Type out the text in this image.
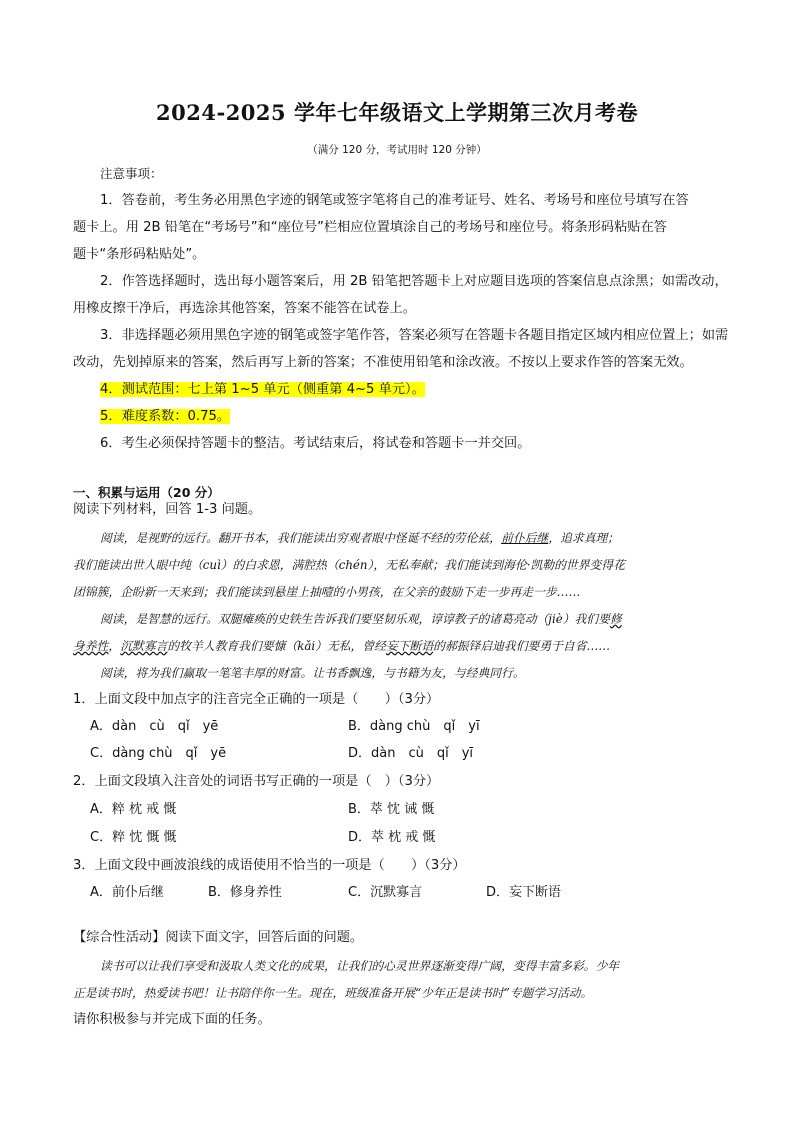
2024-2025 学年七年级语文上学期第三次月考卷
（满分 120 分，考试用时 120 分钟）
注意事项：
1．答卷前，考生务必用黑色字迹的钢笔或签字笔将自己的准考证号、姓名、考场号和座位号填写在答
题卡上。用 2B 铅笔在“考场号”和“座位号”栏相应位置填涂自己的考场号和座位号。将条形码粘贴在答
题卡“条形码粘贴处”。
2．作答选择题时，选出每小题答案后，用 2B 铅笔把答题卡上对应题目选项的答案信息点涂黑；如需改动，
用橡皮擦干净后，再选涂其他答案，答案不能答在试卷上。
3．非选择题必须用黑色字迹的钢笔或签字笔作答，答案必须写在答题卡各题目指定区域内相应位置上；如需
改动，先划掉原来的答案，然后再写上新的答案；不准使用铅笔和涂改液。不按以上要求作答的答案无效。
4．测试范围：七上第 1~5 单元（侧重第 4~5 单元）。
5．难度系数：0.75。
6．考生必须保持答题卡的整洁。考试结束后，将试卷和答题卡一并交回。
一、积累与运用（20 分）
阅读下列材料，回答 1-3 问题。
阅读，是视野的远行。翻开书本，我们能读出穷观者眼中怪诞不经的劳伦兹，前仆后继，追求真理；
我们能读出世人眼中纯（cuì）的白求恩，满腔热（chén），无私奉献；我们能读到海伦·凯勒的世界变得花
团锦簇，企盼新一天来到；我们能读到悬崖上抽噎的小男孩，在父亲的鼓励下走一步再走一步……
阅读，是智慧的远行。双腿瘫痪的史铁生告诉我们要坚韧乐观，谆谆教子的诸葛亮动（jiè）我们要修
身养性，沉默寡言的牧羊人教育我们要慷（kǎi）无私，曾经妄下断语的郝振铎启迪我们要勇于自省……
阅读，将为我们赢取一笔笔丰厚的财富。让书香飘逸，与书籍为友，与经典同行。
1．上面文段中加点字的注音完全正确的一项是（　　）（3分）
A．dàn　cù　qǐ　yē	B．dàng chù　qǐ　yī
C．dàng chù　qǐ　yē	D．dàn　cù　qǐ　yī
2．上面文段填入注音处的词语书写正确的一项是（　）（3分）
A．粹 枕 戒 慨	B．萃 忱 诫 慨
C．粹 忱 慨 慨	D．萃 枕 戒 慨
3．上面文段中画波浪线的成语使用不恰当的一项是（　　）（3分）
A．前仆后继	B．修身养性	C．沉默寡言	D．妄下断语
【综合性活动】阅读下面文字，回答后面的问题。
读书可以让我们享受和汲取人类文化的成果，让我们的心灵世界逐渐变得广阔，变得丰富多彩。少年
正是读书时，热爱读书吧！让书陪伴你一生。现在，班级准备开展“少年正是读书时”专题学习活动。
请你积极参与并完成下面的任务。
